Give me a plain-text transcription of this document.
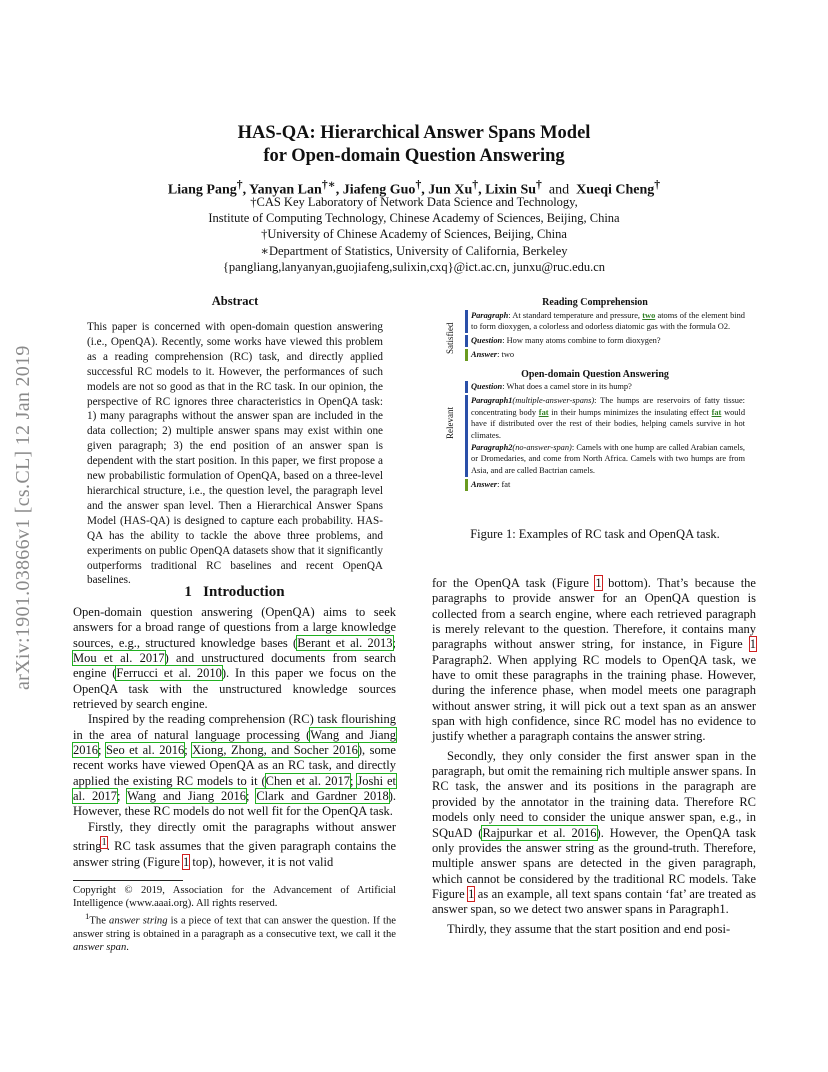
HAS-QA: Hierarchical Answer Spans Model
for Open-domain Question Answering
Liang Pang†, Yanyan Lan†∗, Jiafeng Guo†, Jun Xu†, Lixin Su† and Xueqi Cheng†
†CAS Key Laboratory of Network Data Science and Technology,
Institute of Computing Technology, Chinese Academy of Sciences, Beijing, China
†University of Chinese Academy of Sciences, Beijing, China
∗Department of Statistics, University of California, Berkeley
{pangliang,lanyanyan,guojiafeng,sulixin,cxq}@ict.ac.cn, junxu@ruc.edu.cn
arXiv:1901.03866v1 [cs.CL] 12 Jan 2019
Abstract
This paper is concerned with open-domain question answering (i.e., OpenQA). Recently, some works have viewed this problem as a reading comprehension (RC) task, and directly applied successful RC models to it. However, the performances of such models are not so good as that in the RC task. In our opinion, the perspective of RC ignores three characteristics in OpenQA task: 1) many paragraphs without the answer span are included in the data collection; 2) multiple answer spans may exist within one given paragraph; 3) the end position of an answer span is dependent with the start position. In this paper, we first propose a new probabilistic formulation of OpenQA, based on a three-level hierarchical structure, i.e., the question level, the paragraph level and the answer span level. Then a Hierarchical Answer Spans Model (HAS-QA) is designed to capture each probability. HAS-QA has the ability to tackle the above three problems, and experiments on public OpenQA datasets show that it significantly outperforms traditional RC baselines and recent OpenQA baselines.
1 Introduction

Open-domain question answering (OpenQA) aims to seek answers for a broad range of questions from a large knowledge sources, e.g., structured knowledge bases (Berant et al. 2013; Mou et al. 2017) and unstructured documents from search engine (Ferrucci et al. 2010). In this paper we focus on the OpenQA task with the unstructured knowledge sources retrieved by search engine.

Inspired by the reading comprehension (RC) task flourishing in the area of natural language processing (Wang and Jiang 2016; Seo et al. 2016; Xiong, Zhong, and Socher 2016), some recent works have viewed OpenQA as an RC task, and directly applied the existing RC models to it (Chen et al. 2017; Joshi et al. 2017; Wang and Jiang 2016; Clark and Gardner 2018). However, these RC models do not well fit for the OpenQA task.

Firstly, they directly omit the paragraphs without answer string$^1$. RC task assumes that the given paragraph contains the answer string (Figure 1 top), however, it is not valid

Copyright © 2019, Association for the Advancement of Artificial Intelligence (www.aaai.org). All rights reserved.

$^1$The answer string is a piece of text that can answer the question. If the answer string is obtained in a paragraph as a consecutive text, we call it the answer span.

Reading Comprehension
Satisfied
Paragraph: At standard temperature and pressure, two atoms of the element bind to form dioxygen, a colorless and odorless diatomic gas with the formula O2.
Question: How many atoms combine to form dioxygen?
Answer: two
Open-domain Question Answering
Relevant
Question: What does a camel store in its hump?
Paragraph1(multiple-answer-spans): The humps are reservoirs of fatty tissue: concentrating body fat in their humps minimizes the insulating effect fat would have if distributed over the rest of their bodies, helping camels survive in hot climates.
Paragraph2(no-answer-span): Camels with one hump are called Arabian camels, or Dromedaries, and come from North Africa. Camels with two humps are from Asia, and are called Bactrian camels.
Answer: fat
Figure 1: Examples of RC task and OpenQA task.

for the OpenQA task (Figure 1 bottom). That’s because the paragraphs to provide answer for an OpenQA question is collected from a search engine, where each retrieved paragraph is merely relevant to the question. Therefore, it contains many paragraphs without answer string, for instance, in Figure 1 Paragraph2. When applying RC models to OpenQA task, we have to omit these paragraphs in the training phase. However, during the inference phase, when model meets one paragraph without answer string, it will pick out a text span as an answer span with high confidence, since RC model has no evidence to justify whether a paragraph contains the answer string.

Secondly, they only consider the first answer span in the paragraph, but omit the remaining rich multiple answer spans. In RC task, the answer and its positions in the paragraph are provided by the annotator in the training data. Therefore RC models only need to consider the unique answer span, e.g., in SQuAD (Rajpurkar et al. 2016). However, the OpenQA task only provides the answer string as the ground-truth. Therefore, multiple answer spans are detected in the given paragraph, which cannot be considered by the traditional RC models. Take Figure 1 as an example, all text spans contain ‘fat’ are treated as answer span, so we detect two answer spans in Paragraph1.

Thirdly, they assume that the start position and end posi-
